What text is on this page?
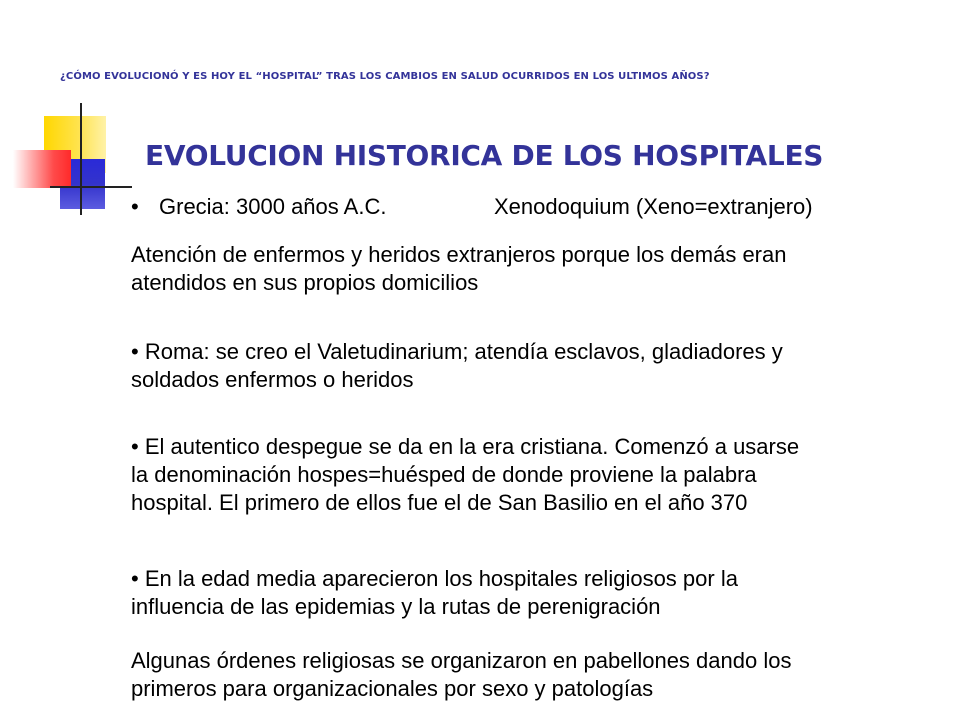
¿CÓMO EVOLUCIONÓ Y ES HOY EL “HOSPITAL” TRAS LOS CAMBIOS EN SALUD OCURRIDOS EN LOS ULTIMOS AÑOS?
EVOLUCION HISTORICA DE LOS HOSPITALES
• Grecia: 3000 años A.C.	Xenodoquium (Xeno=extranjero)
Atención de enfermos y heridos extranjeros porque los demás eran
atendidos en sus propios domicilios
• Roma: se creo el Valetudinarium; atendía esclavos, gladiadores y
soldados enfermos o heridos
• El autentico despegue se da en la era cristiana. Comenzó a usarse
la denominación hospes=huésped de donde proviene la palabra
hospital. El primero de ellos fue el de San Basilio en el año 370
• En la edad media aparecieron los hospitales religiosos por la
influencia de las epidemias y la rutas de perenigración
Algunas órdenes religiosas se organizaron en pabellones dando los
primeros para organizacionales por sexo y patologías
